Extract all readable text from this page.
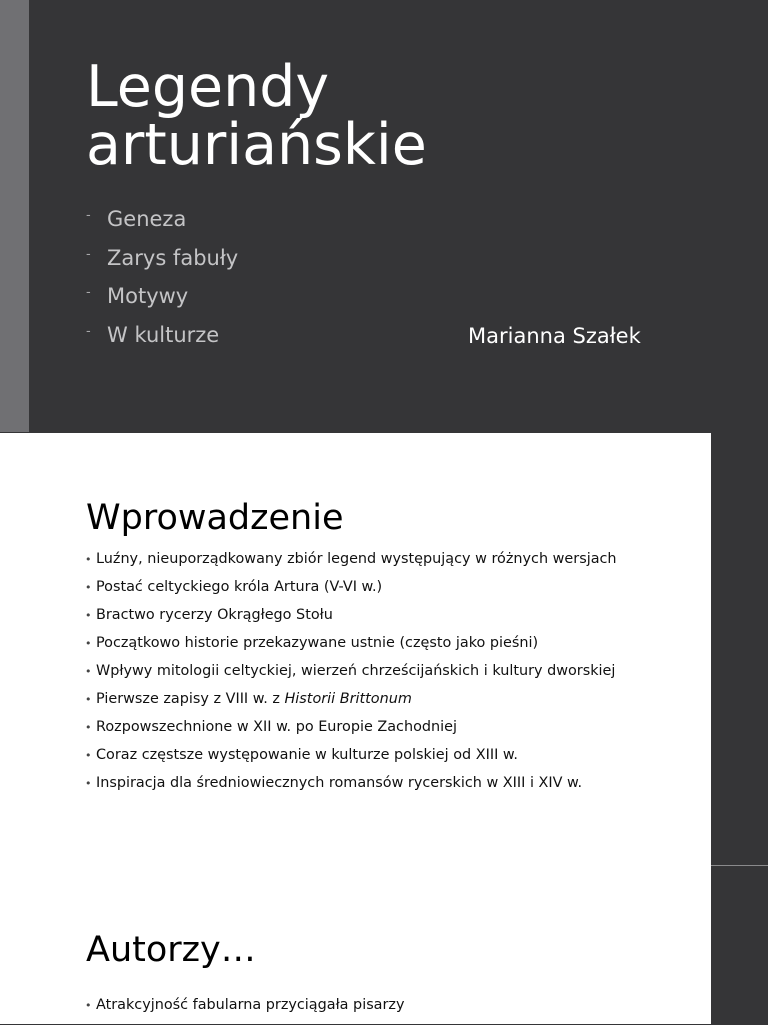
Legendy
arturiańskie
- Geneza
- Zarys fabuły
- Motywy
- W kulturze	Marianna Szałek
Wprowadzenie
• Luźny, nieuporządkowany zbiór legend występujący w różnych wersjach
• Postać celtyckiego króla Artura (V-VI w.)
• Bractwo rycerzy Okrągłego Stołu
• Początkowo historie przekazywane ustnie (często jako pieśni)
• Wpływy mitologii celtyckiej, wierzeń chrześcijańskich i kultury dworskiej
• Pierwsze zapisy z VIII w. z Historii Brittonum
• Rozpowszechnione w XII w. po Europie Zachodniej
• Coraz częstsze występowanie w kulturze polskiej od XIII w.
• Inspiracja dla średniowiecznych romansów rycerskich w XIII i XIV w.
Autorzy…
• Atrakcyjność fabularna przyciągała pisarzy
